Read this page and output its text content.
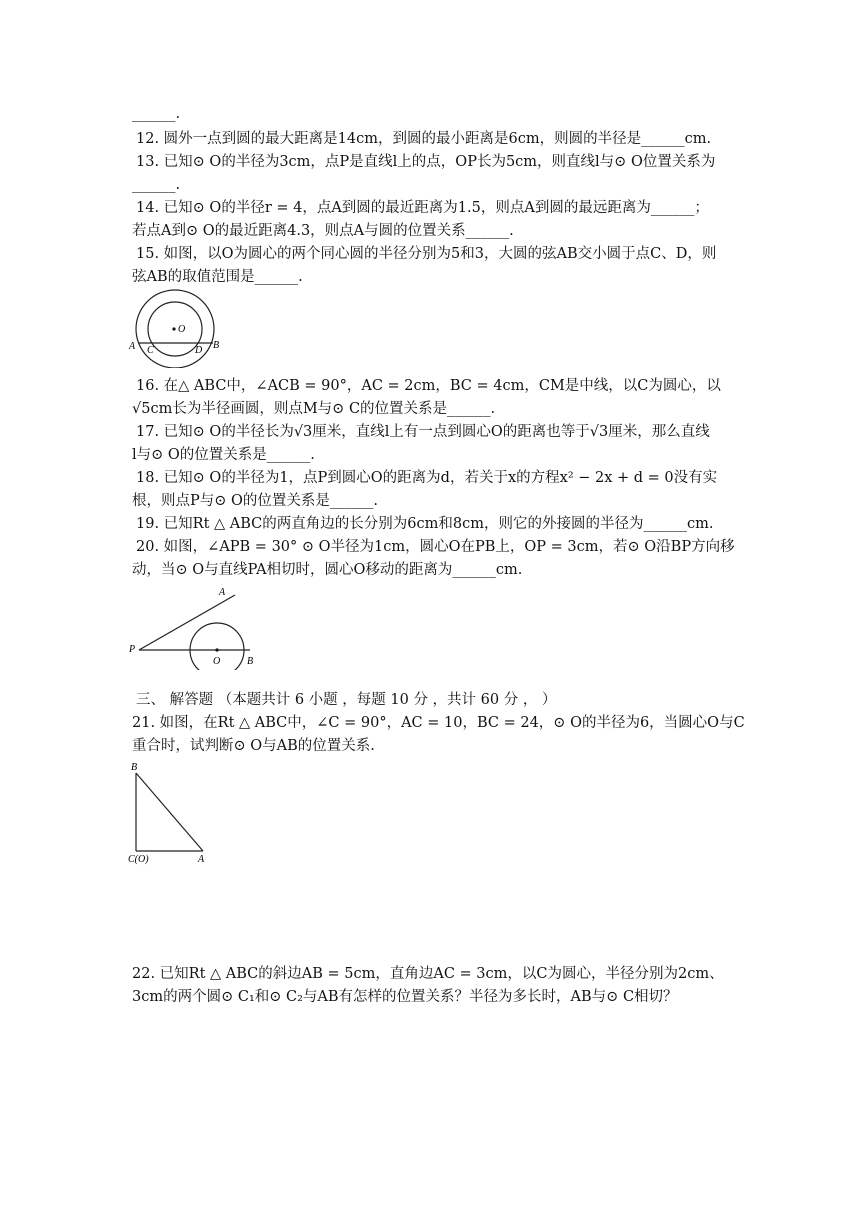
______.
12. 圆外一点到圆的最大距离是14cm，到圆的最小距离是6cm，则圆的半径是______cm.
13. 已知⊙ O的半径为3cm，点P是直线l上的点，OP长为5cm，则直线l与⊙ O位置关系为
______.
14. 已知⊙ O的半径r = 4，点A到圆的最近距离为1.5，则点A到圆的最远距离为______；
若点A到⊙ O的最近距离4.3，则点A与圆的位置关系______.
15. 如图，以O为圆心的两个同心圆的半径分别为5和3，大圆的弦AB交小圆于点C、D，则
弦AB的取值范围是______.
O
A C	D B
16. 在△ ABC中，∠ACB = 90°，AC = 2cm，BC = 4cm，CM是中线，以C为圆心，以
√5cm长为半径画圆，则点M与⊙ C的位置关系是______.
17. 已知⊙ O的半径长为√3厘米，直线l上有一点到圆心O的距离也等于√3厘米，那么直线
l与⊙ O的位置关系是______.
18. 已知⊙ O的半径为1，点P到圆心O的距离为d，若关于x的方程x² − 2x + d = 0没有实
根，则点P与⊙ O的位置关系是______.
19. 已知Rt △ ABC的两直角边的长分别为6cm和8cm，则它的外接圆的半径为______cm.
20. 如图，∠APB = 30° ⊙ O半径为1cm，圆心O在PB上，OP = 3cm，若⊙ O沿BP方向移
动，当⊙ O与直线PA相切时，圆心O移动的距离为______cm.
A
P
O	B
三、 解答题 （本题共计 6 小题 ，每题 10 分 ，共计 60 分 ， ）
21. 如图，在Rt △ ABC中，∠C = 90°，AC = 10，BC = 24，⊙ O的半径为6，当圆心O与C
重合时，试判断⊙ O与AB的位置关系.
B
C(O)	A
22. 已知Rt △ ABC的斜边AB = 5cm，直角边AC = 3cm，以C为圆心，半径分别为2cm、
3cm的两个圆⊙ C₁和⊙ C₂与AB有怎样的位置关系？半径为多长时，AB与⊙ C相切？
